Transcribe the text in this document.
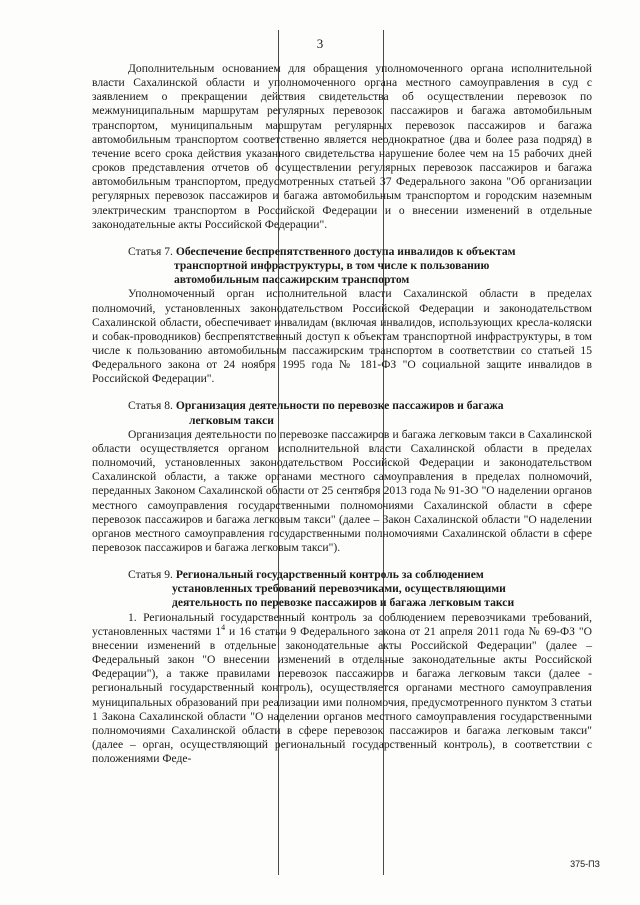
3

Дополнительным основанием для обращения уполномоченного органа исполнительной власти Сахалинской области и уполномоченного органа местного самоуправления в суд с заявлением о прекращении действия свидетельства об осуществлении перевозок по межмуниципальным маршрутам регулярных перевозок пассажиров и багажа автомобильным транспортом, муниципальным маршрутам регулярных перевозок пассажиров и багажа автомобильным транспортом соответственно является неоднократное (два и более раза подряд) в течение всего срока действия указанного свидетельства нарушение более чем на 15 рабочих дней сроков представления отчетов об осуществлении регулярных перевозок пассажиров и багажа автомобильным транспортом, предусмотренных статьей 37 Федерального закона "Об организации регулярных перевозок пассажиров и багажа автомобильным транспортом и городским наземным электрическим транспортом в Российской Федерации и о внесении изменений в отдельные законодательные акты Российской Федерации".

Статья 7. Обеспечение беспрепятственного доступа инвалидов к объектам
транспортной инфраструктуры, в том числе к пользованию
автомобильным пассажирским транспортом

Уполномоченный орган исполнительной власти Сахалинской области в пределах полномочий, установленных законодательством Российской Федерации и законодательством Сахалинской области, обеспечивает инвалидам (включая инвалидов, использующих кресла-коляски и собак-проводников) беспрепятственный доступ к объектам транспортной инфраструктуры, в том числе к пользованию автомобильным пассажирским транспортом в соответствии со статьей 15 Федерального закона от 24 ноября 1995 года № 181-ФЗ "О социальной защите инвалидов в Российской Федерации".

Статья 8. Организация деятельности по перевозке пассажиров и багажа
легковым такси

Организация деятельности по перевозке пассажиров и багажа легковым такси в Сахалинской области осуществляется органом исполнительной власти Сахалинской области в пределах полномочий, установленных законодательством Российской Федерации и законодательством Сахалинской области, а также органами местного самоуправления в пределах полномочий, переданных Законом Сахалинской области от 25 сентября 2013 года № 91-ЗО "О наделении органов местного самоуправления государственными полномочиями Сахалинской области в сфере перевозок пассажиров и багажа легковым такси" (далее – Закон Сахалинской области "О наделении органов местного самоуправления государственными полномочиями Сахалинской области в сфере перевозок пассажиров и багажа легковым такси").

Статья 9. Региональный государственный контроль за соблюдением
установленных требований перевозчиками, осуществляющими
деятельность по перевозке пассажиров и багажа легковым такси

1. Региональный государственный контроль за соблюдением перевозчиками требований, установленных частями $1^4$ и 16 статьи 9 Федерального закона от 21 апреля 2011 года № 69-ФЗ "О внесении изменений в отдельные законодательные акты Российской Федерации" (далее – Федеральный закон "О внесении изменений в отдельные законодательные акты Российской Федерации"), а также правилами перевозок пассажиров и багажа легковым такси (далее - региональный государственный контроль), осуществляется органами местного самоуправления муниципальных образований при реализации ими полномочия, предусмотренного пунктом 3 статьи 1 Закона Сахалинской области "О наделении органов местного самоуправления государственными полномочиями Сахалинской области в сфере перевозок пассажиров и багажа легковым такси" (далее – орган, осуществляющий региональный государственный контроль), в соответствии с положениями Феде-

375-ПЗ
